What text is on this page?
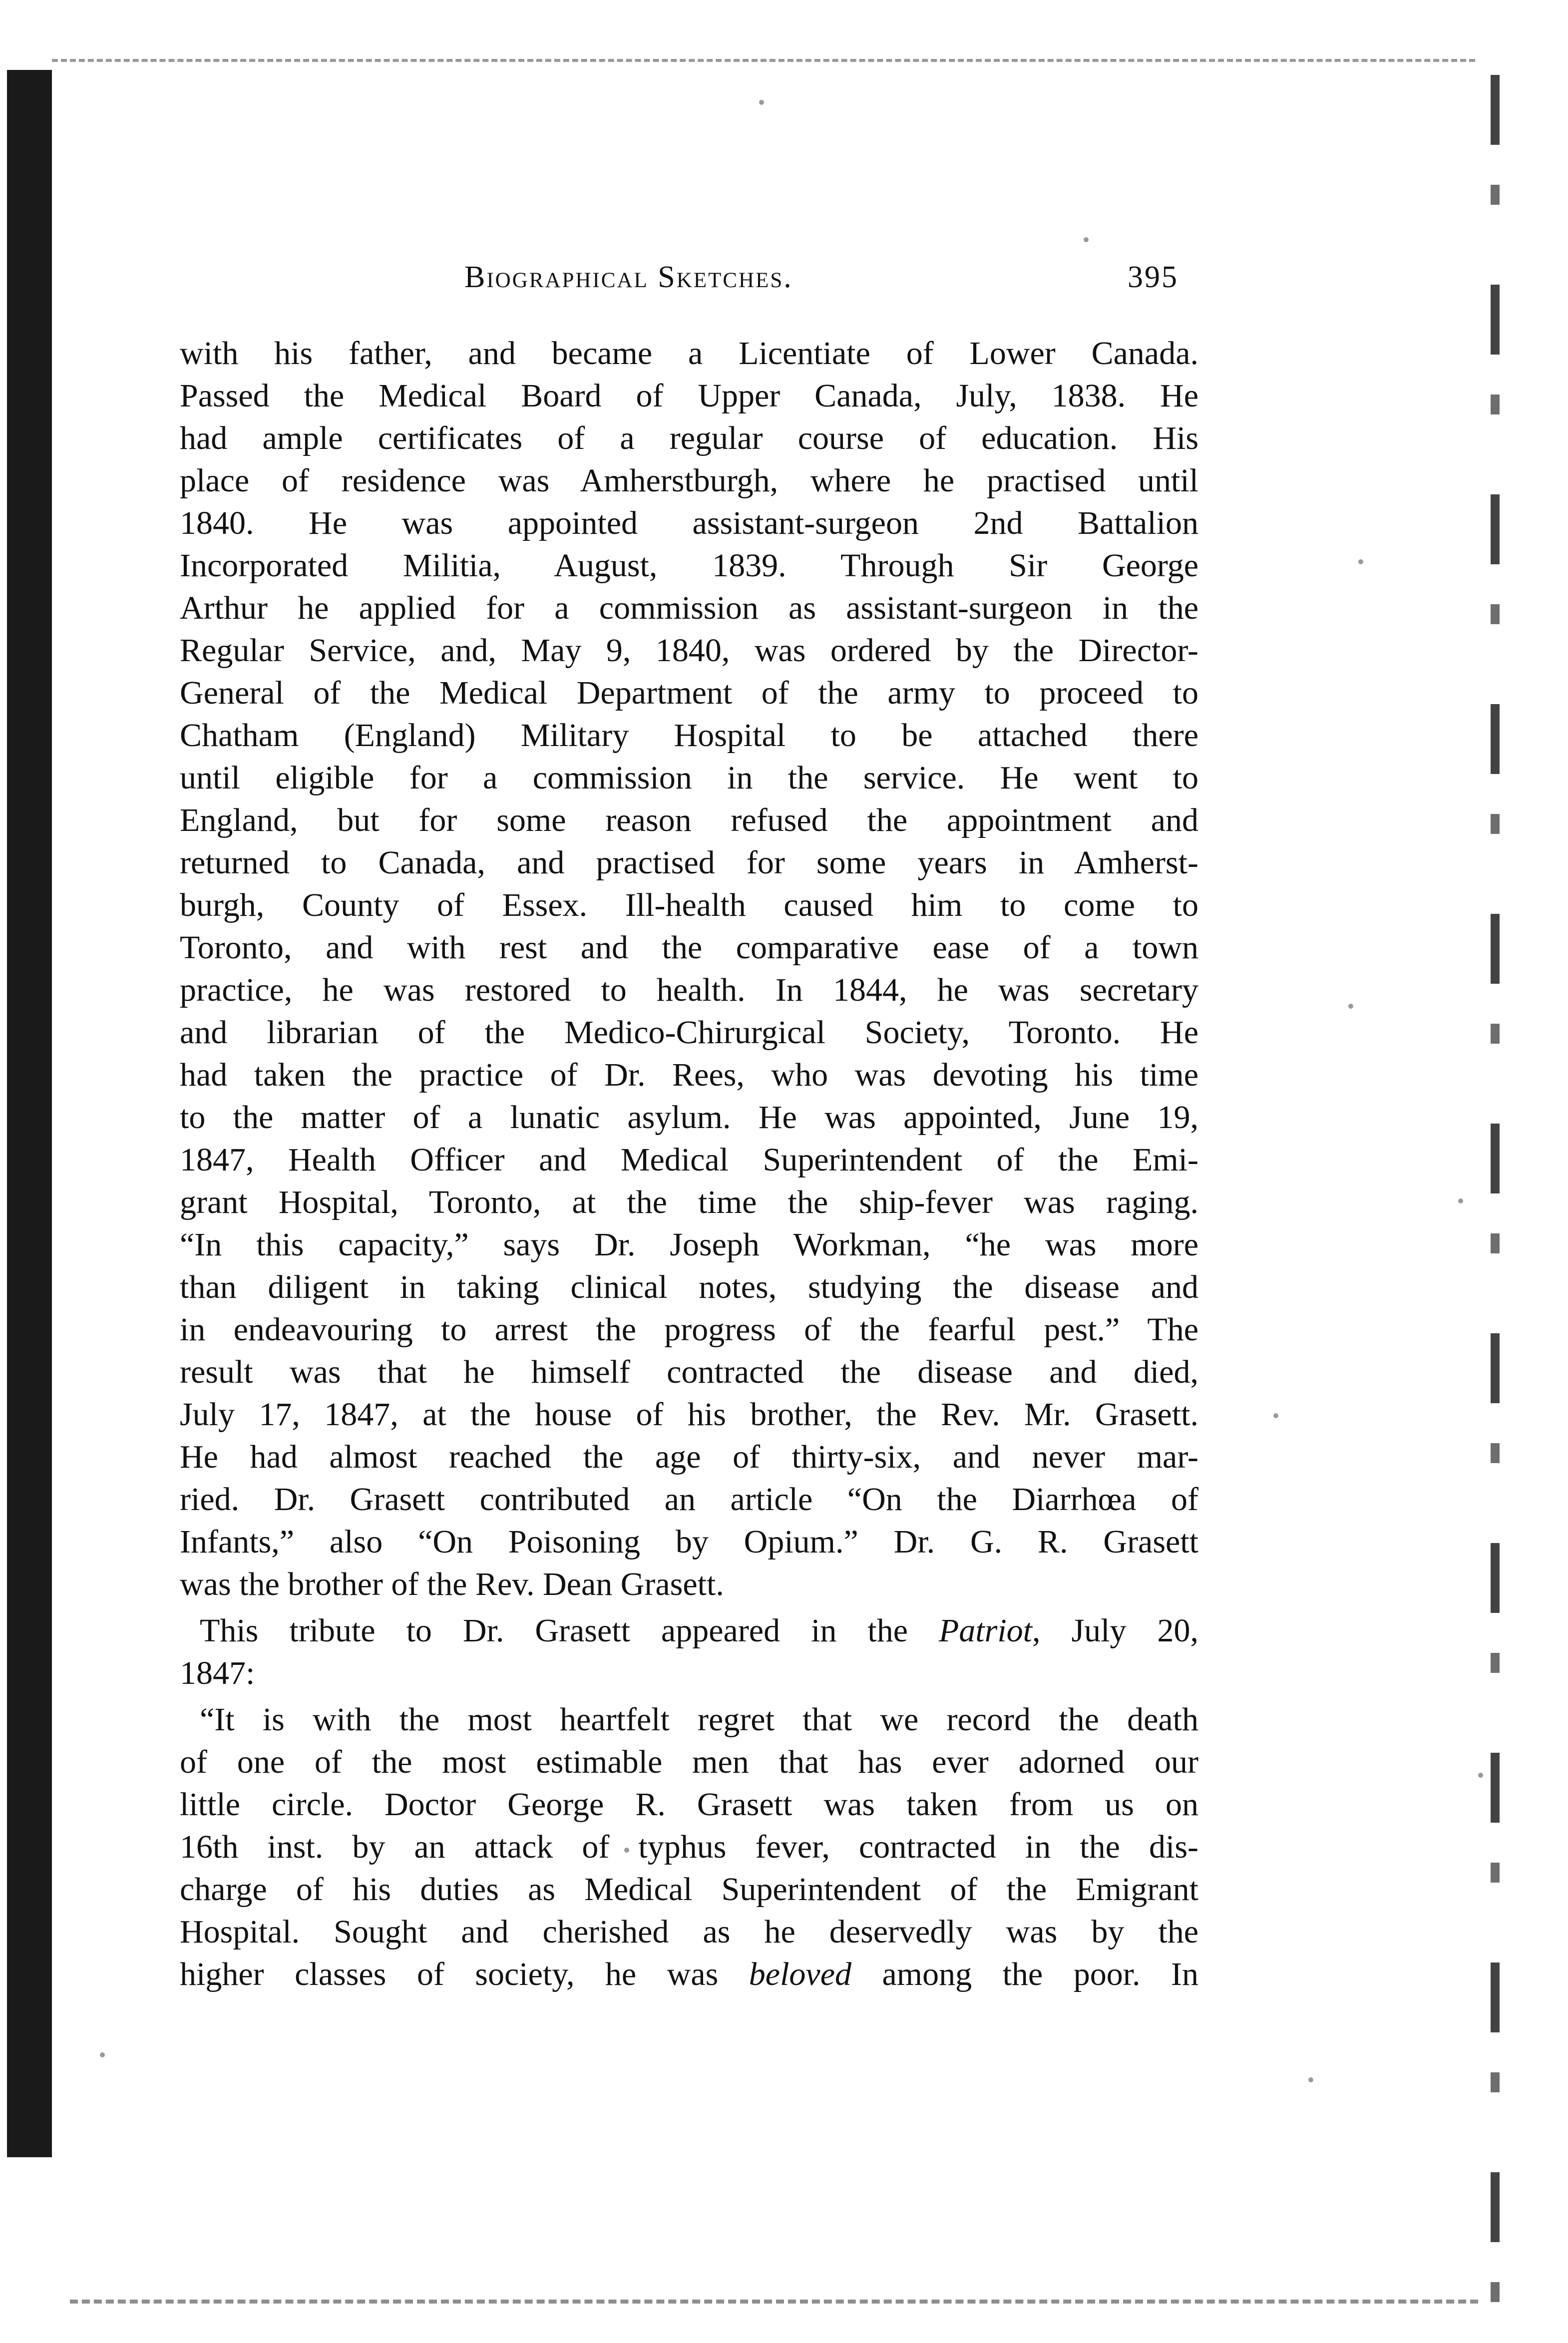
Biographical Sketches.	395

with his father, and became a Licentiate of Lower Canada.
Passed the Medical Board of Upper Canada, July, 1838. He
had ample certificates of a regular course of education. His
place of residence was Amherstburgh, where he practised until
1840. He was appointed assistant-surgeon 2nd Battalion
Incorporated Militia, August, 1839. Through Sir George
Arthur he applied for a commission as assistant-surgeon in the
Regular Service, and, May 9, 1840, was ordered by the Director-
General of the Medical Department of the army to proceed to
Chatham (England) Military Hospital to be attached there
until eligible for a commission in the service. He went to
England, but for some reason refused the appointment and
returned to Canada, and practised for some years in Amherst-
burgh, County of Essex. Ill-health caused him to come to
Toronto, and with rest and the comparative ease of a town
practice, he was restored to health. In 1844, he was secretary
and librarian of the Medico-Chirurgical Society, Toronto. He
had taken the practice of Dr. Rees, who was devoting his time
to the matter of a lunatic asylum. He was appointed, June 19,
1847, Health Officer and Medical Superintendent of the Emi-
grant Hospital, Toronto, at the time the ship-fever was raging.
“In this capacity,” says Dr. Joseph Workman, “he was more
than diligent in taking clinical notes, studying the disease and
in endeavouring to arrest the progress of the fearful pest.” The
result was that he himself contracted the disease and died,
July 17, 1847, at the house of his brother, the Rev. Mr. Grasett.
He had almost reached the age of thirty-six, and never mar-
ried. Dr. Grasett contributed an article “On the Diarrhœa of
Infants,” also “On Poisoning by Opium.” Dr. G. R. Grasett
was the brother of the Rev. Dean Grasett.

This tribute to Dr. Grasett appeared in the Patriot, July 20,
1847:

“It is with the most heartfelt regret that we record the death
of one of the most estimable men that has ever adorned our
little circle. Doctor George R. Grasett was taken from us on
16th inst. by an attack of typhus fever, contracted in the dis-
charge of his duties as Medical Superintendent of the Emigrant
Hospital. Sought and cherished as he deservedly was by the

higher classes of society, he was beloved among the poor. In
